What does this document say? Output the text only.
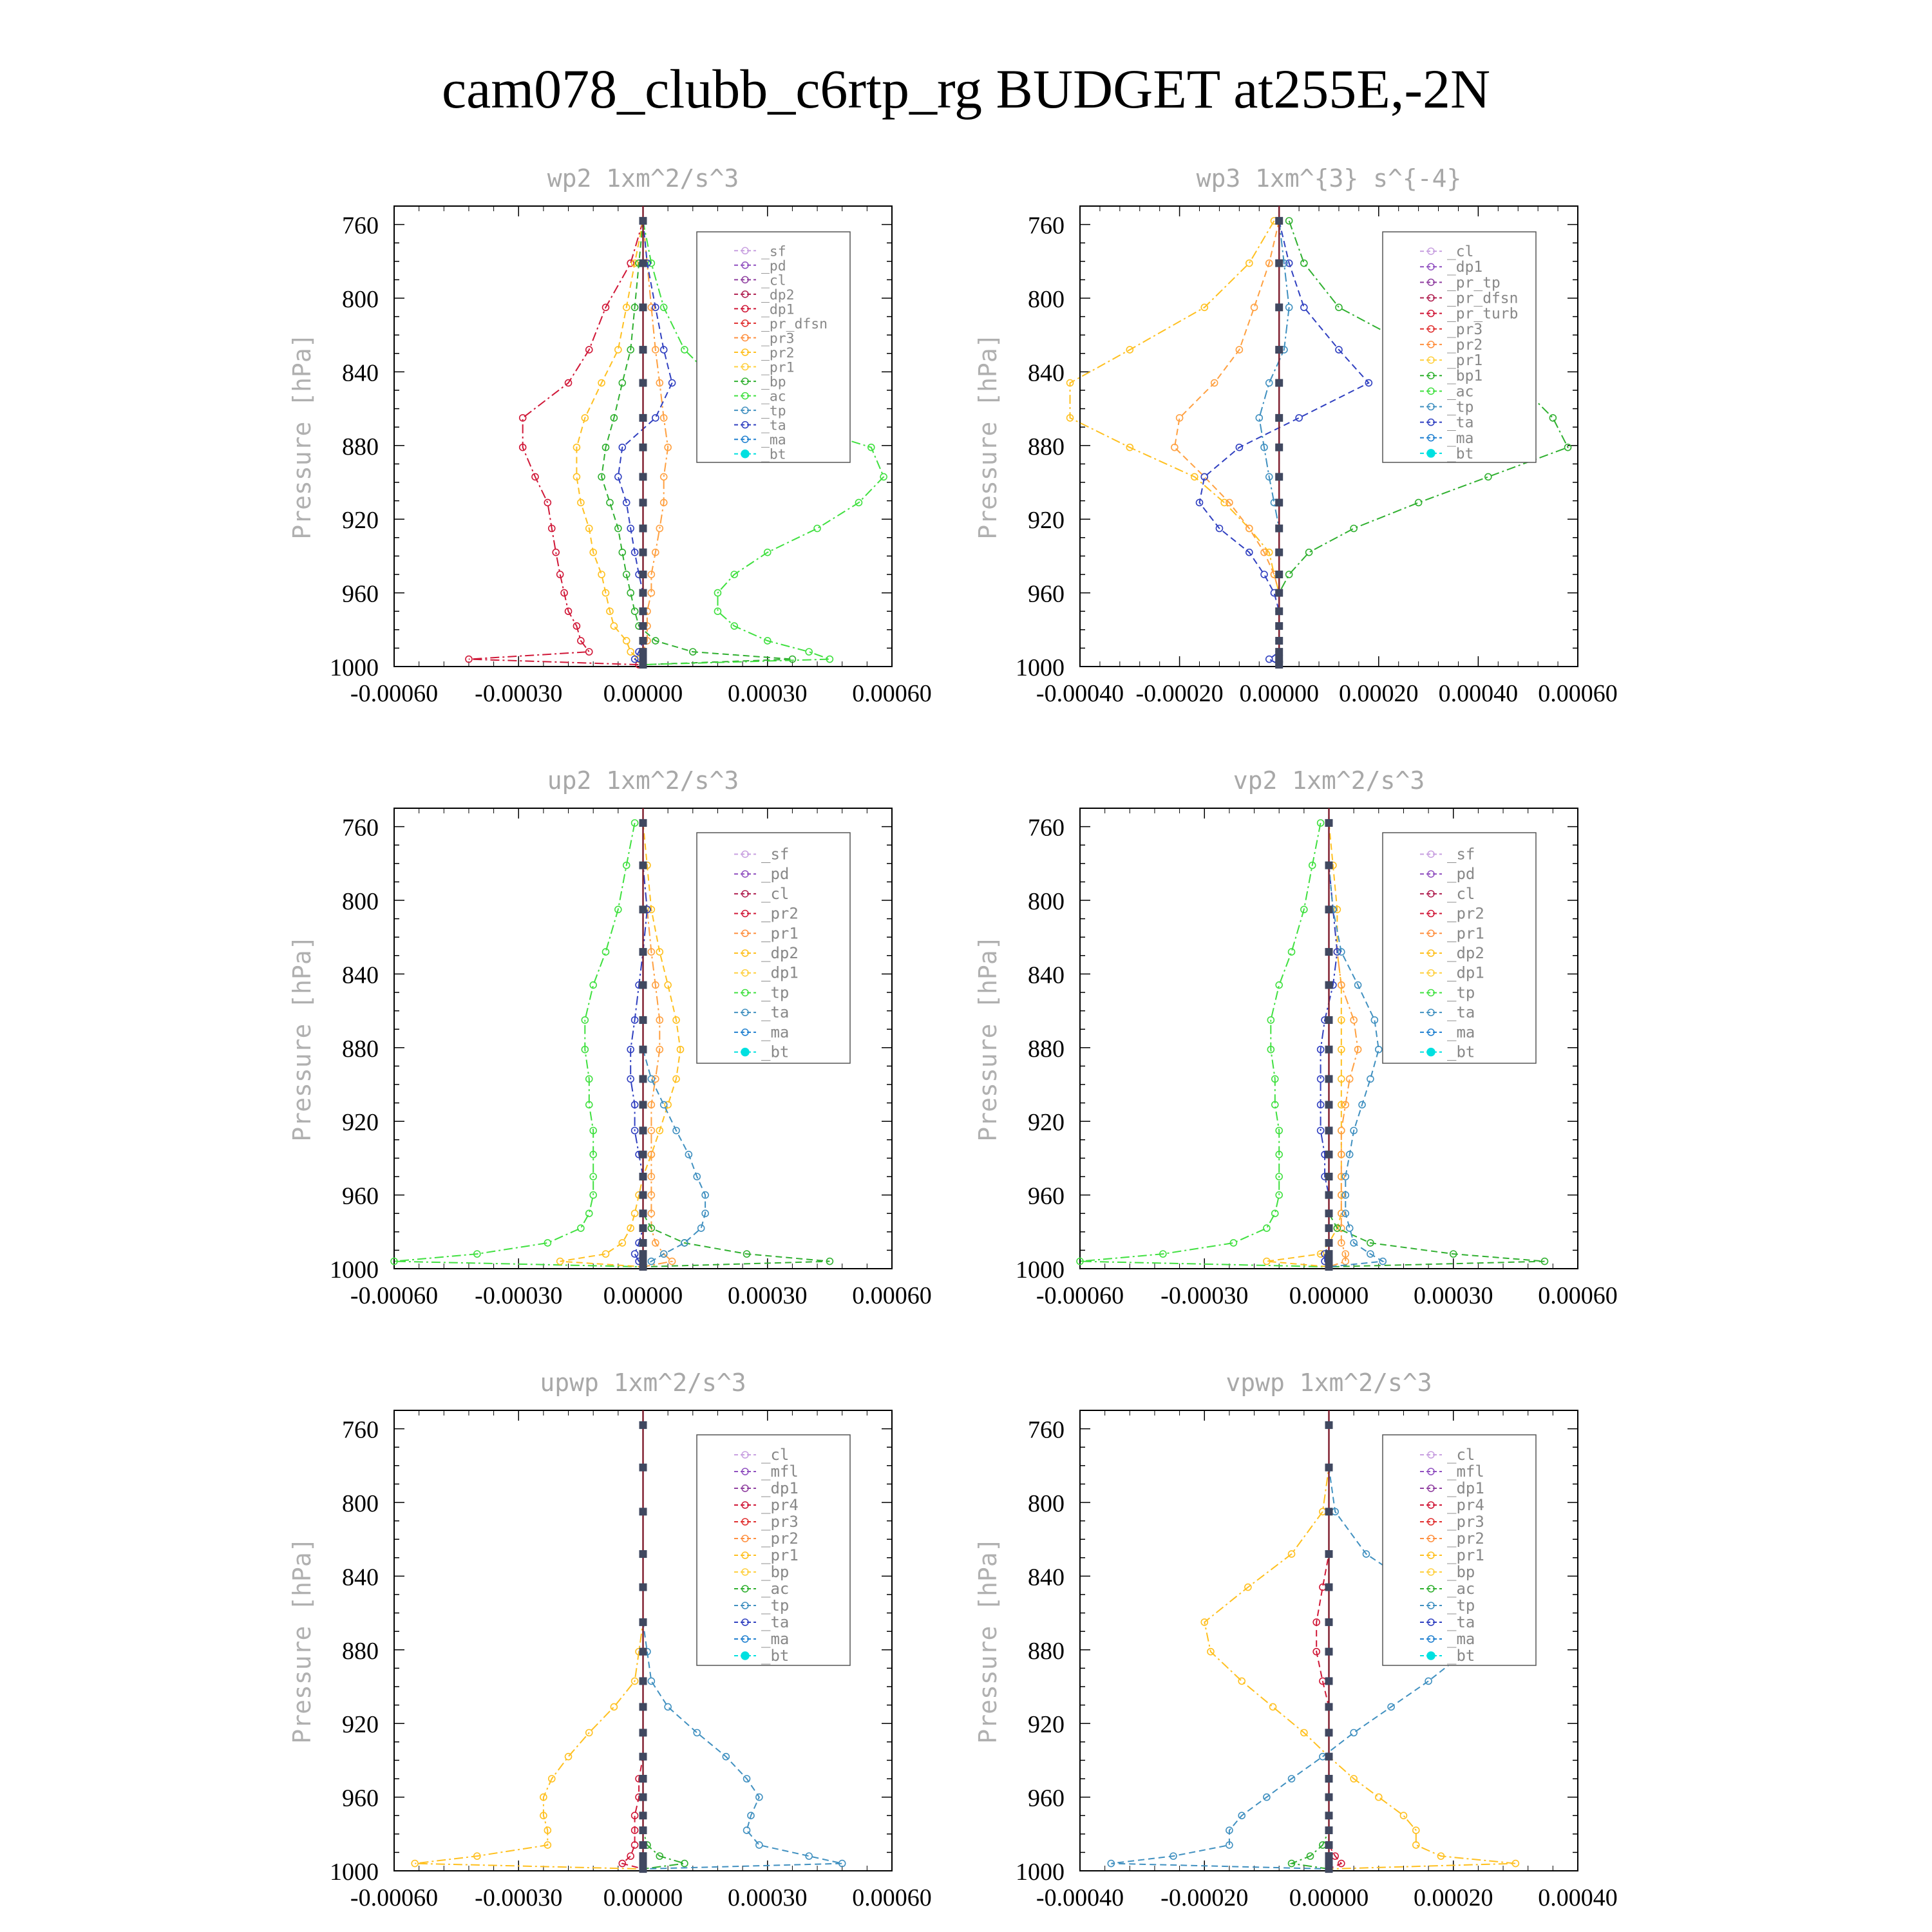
cam078_clubb_c6rtp_rg BUDGET at255E,-2N
wp2 1xm^2/s^3
760
800
840
880
920
960
1000
Pressure [hPa]
-0.00060 -0.00030 0.00000 0.00030 0.00060
_sf
_pd
_cl
_dp2
_dp1
_pr_dfsn
_pr3
_pr2
_pr1
_bp
_ac
_tp
_ta
_ma
_bt
wp3 1xm^{3} s^{-4}
760
800
840
880
920
960
1000
Pressure [hPa]
-0.00040 -0.00020 0.00000 0.00020 0.00040 0.00060
_cl
_dp1
_pr_tp
_pr_dfsn
_pr_turb
_pr3
_pr2
_pr1
_bp1
_ac
_tp
_ta
_ma
_bt
up2 1xm^2/s^3
760
800
840
880
920
960
1000
Pressure [hPa]
-0.00060 -0.00030 0.00000 0.00030 0.00060
_sf
_pd
_cl
_pr2
_pr1
_dp2
_dp1
_tp
_ta
_ma
_bt
vp2 1xm^2/s^3
760
800
840
880
920
960
1000
Pressure [hPa]
-0.00060 -0.00030 0.00000 0.00030 0.00060
_sf
_pd
_cl
_pr2
_pr1
_dp2
_dp1
_tp
_ta
_ma
_bt
upwp 1xm^2/s^3
760
800
840
880
920
960
1000
Pressure [hPa]
-0.00060 -0.00030 0.00000 0.00030 0.00060
_cl
_mfl
_dp1
_pr4
_pr3
_pr2
_pr1
_bp
_ac
_tp
_ta
_ma
_bt
vpwp 1xm^2/s^3
760
800
840
880
920
960
1000
Pressure [hPa]
-0.00040 -0.00020 0.00000 0.00020 0.00040
_cl
_mfl
_dp1
_pr4
_pr3
_pr2
_pr1
_bp
_ac
_tp
_ta
_ma
_bt
